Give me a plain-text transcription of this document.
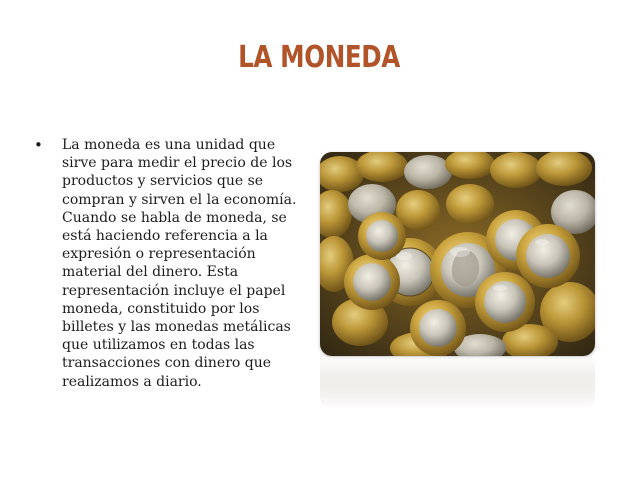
LA MONEDA
• La moneda es una unidad que
sirve para medir el precio de los
productos y servicios que se
compran y sirven el la economía.
Cuando se habla de moneda, se
está haciendo referencia a la
expresión o representación
material del dinero. Esta
representación incluye el papel
moneda, constituido por los
billetes y las monedas metálicas
que utilizamos en todas las
transacciones con dinero que
realizamos a diario.
